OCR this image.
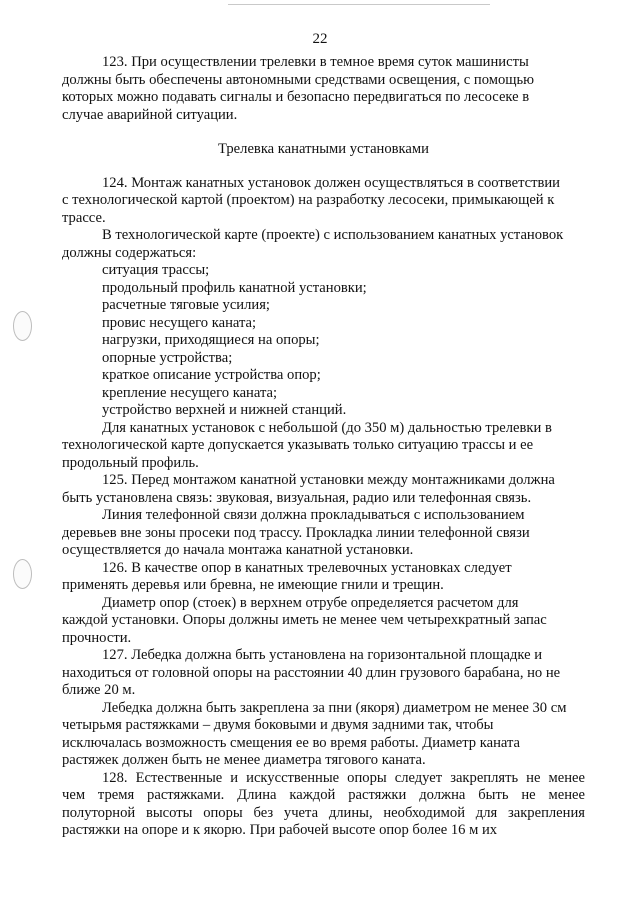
22

123. При осуществлении трелевки в темное время суток машинисты

должны быть обеспечены автономными средствами освещения, с помощью

которых можно подавать сигналы и безопасно передвигаться по лесосеке в

случае аварийной ситуации.

Трелевка канатными установками

124. Монтаж канатных установок должен осуществляться в соответствии

с технологической картой (проектом) на разработку лесосеки, примыкающей к

трассе.

В технологической карте (проекте) с использованием канатных установок

должны содержаться:

ситуация трассы;

продольный профиль канатной установки;

расчетные тяговые усилия;

провис несущего каната;

нагрузки, приходящиеся на опоры;

опорные устройства;

краткое описание устройства опор;

крепление несущего каната;

устройство верхней и нижней станций.

Для канатных установок с небольшой (до 350 м) дальностью трелевки в

технологической карте допускается указывать только ситуацию трассы и ее

продольный профиль.

125. Перед монтажом канатной установки между монтажниками должна

быть установлена связь: звуковая, визуальная, радио или телефонная связь.

Линия телефонной связи должна прокладываться с использованием

деревьев вне зоны просеки под трассу. Прокладка линии телефонной связи

осуществляется до начала монтажа канатной установки.

126. В качестве опор в канатных трелевочных установках следует

применять деревья или бревна, не имеющие гнили и трещин.

Диаметр опор (стоек) в верхнем отрубе определяется расчетом для

каждой установки. Опоры должны иметь не менее чем четырехкратный запас

прочности.

127. Лебедка должна быть установлена на горизонтальной площадке и

находиться от головной опоры на расстоянии 40 длин грузового барабана, но не

ближе 20 м.

Лебедка должна быть закреплена за пни (якоря) диаметром не менее 30 см

четырьмя растяжками – двумя боковыми и двумя задними так, чтобы

исключалась возможность смещения ее во время работы. Диаметр каната

растяжек должен быть не менее диаметра тягового каната.

128. Естественные и искусственные опоры следует закреплять не менее

чем тремя растяжками. Длина каждой растяжки должна быть не менее

полуторной высоты опоры без учета длины, необходимой для закрепления

растяжки на опоре и к якорю. При рабочей высоте опор более 16 м их
